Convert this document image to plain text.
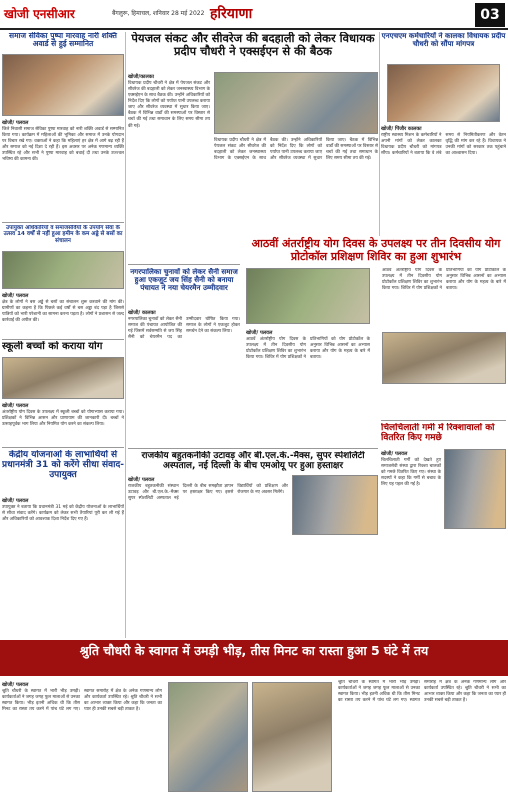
खोजी एनसीआर	बैंगलुरू, हिमाचल, शनिवार 28 मई 2022 हरियाणा	03
समाज सेविका पुष्पा मारवाह नारी शक्ति अवार्ड से हुई सम्मानित
खोजी/ पलवल
जिले निवासी समाज सेविका पुष्पा मारवाह को नारी शक्ति अवार्ड से सम्मानित किया गया। कार्यक्रम में महिलाओं की भूमिका और समाज में उनके योगदान पर विचार रखे गए। वक्ताओं ने कहा कि महिलाएं हर क्षेत्र में आगे बढ़ रही हैं और समाज को नई दिशा दे रही हैं। इस अवसर पर अनेक गणमान्य व्यक्ति उपस्थित रहे और सभी ने पुष्पा मारवाह को बधाई दी तथा उनके उज्ज्वल भविष्य की कामना की।
उपायुक्त अधिकारियों व समाजसेवियों के उपयोग सेवा के उत्सव 14 वर्षों से नहीं हुआ हमीम के कम अड्डे से बसों का संचालन
खोजी/ पलवल
क्षेत्र के लोगों ने बस अड्डे से बसों का संचालन शुरू करवाने की मांग की। ग्रामीणों का कहना है कि पिछले कई वर्षों से बस अड्डा बंद पड़ा है जिससे यात्रियों को भारी परेशानी का सामना करना पड़ता है। लोगों ने प्रशासन से जल्द कार्रवाई की अपील की।
स्कूली बच्चों को कराया योग
खोजी/ पलवल
अंतर्राष्ट्रीय योग दिवस के उपलक्ष्य में स्कूली बच्चों को योगाभ्यास कराया गया। प्रशिक्षकों ने विभिन्न आसन और प्राणायाम की जानकारी दी। बच्चों ने उत्साहपूर्वक भाग लिया और नियमित योग करने का संकल्प लिया।
केंद्रीय योजनाओं के लाभार्थियों से प्रधानमंत्री 31 को करेंगे सीधा संवाद-उपायुक्त
खोजी/ पलवल
उपायुक्त ने बताया कि प्रधानमंत्री 31 मई को केंद्रीय योजनाओं के लाभार्थियों से सीधा संवाद करेंगे। कार्यक्रम को लेकर सभी तैयारियां पूरी कर ली गई हैं और अधिकारियों को आवश्यक दिशा निर्देश दिए गए हैं।
पेयजल संकट और सीवरेज की बदहाली को लेकर विधायक प्रदीप चौधरी ने एक्सईएन से की बैठक
खोजी/कालका
विधायक प्रदीप चौधरी ने क्षेत्र में पेयजल संकट और सीवरेज की बदहाली को लेकर जनस्वास्थ्य विभाग के एक्सईएन के साथ बैठक की। उन्होंने अधिकारियों को निर्देश दिए कि लोगों को पर्याप्त पानी उपलब्ध कराया जाए और सीवरेज व्यवस्था में सुधार किया जाए। बैठक में विभिन्न वार्डों की समस्याओं पर विस्तार से चर्चा की गई तथा समाधान के लिए समय सीमा तय की गई।
विधायक प्रदीप चौधरी ने क्षेत्र में पेयजल संकट और सीवरेज की बदहाली को लेकर जनस्वास्थ्य विभाग के एक्सईएन के साथ बैठक की। उन्होंने अधिकारियों को निर्देश दिए कि लोगों को पर्याप्त पानी उपलब्ध कराया जाए और सीवरेज व्यवस्था में सुधार किया जाए। बैठक में विभिन्न वार्डों की समस्याओं पर विस्तार से चर्चा की गई तथा समाधान के लिए समय सीमा तय की गई।
नगरपालिका चुनावों को लेकर सैनी समाज हुआ एकजुट जय सिंह सैनी को बनाया पंचायत ने नया चेयरमैन उम्मीदवार
खोजी/ कालका
नगरपालिका चुनावों को लेकर सैनी समाज की पंचायत आयोजित की गई जिसमें सर्वसम्मति से जय सिंह सैनी को चेयरमैन पद का उम्मीदवार घोषित किया गया। समाज के लोगों ने एकजुट होकर समर्थन देने का संकल्प लिया।
राजकीय बहुतकनीकी उटावड़ और बी.एल.के.-मैक्स, सुपर स्पेशलिटी अस्पताल, नई दिल्ली के बीच एमओयू पर हुआ हस्ताक्षर
खोजी/ पलवल
राजकीय बहुतकनीकी संस्थान उटावड़ और बी.एल.के.-मैक्स सुपर स्पेशलिटी अस्पताल नई दिल्ली के बीच समझौता ज्ञापन पर हस्ताक्षर किए गए। इससे विद्यार्थियों को प्रशिक्षण और रोजगार के नए अवसर मिलेंगे।
आठवीं अंतर्राष्ट्रीय योग दिवस के उपलक्ष्य पर तीन दिवसीय योग प्रोटोकॉल प्रशिक्षण शिविर का हुआ शुभारंभ
खोजी/ पलवल
आठवें अंतर्राष्ट्रीय योग दिवस के उपलक्ष्य में तीन दिवसीय योग प्रोटोकॉल प्रशिक्षण शिविर का शुभारंभ किया गया। शिविर में योग प्रशिक्षकों ने प्रतिभागियों को योग प्रोटोकॉल के अनुसार विभिन्न आसनों का अभ्यास कराया और योग के महत्व के बारे में बताया।
आठवें अंतर्राष्ट्रीय योग दिवस के उपलक्ष्य में तीन दिवसीय योग प्रोटोकॉल प्रशिक्षण शिविर का शुभारंभ किया गया। शिविर में योग प्रशिक्षकों ने प्रतिभागियों को योग प्रोटोकॉल के अनुसार विभिन्न आसनों का अभ्यास कराया और योग के महत्व के बारे में बताया।
एनएचएम कर्मचारियों ने कालका विधायक प्रदीप चौधरी को सौंपा मांगपत्र
खोजी/ पिंजौर कालका
राष्ट्रीय स्वास्थ्य मिशन के कर्मचारियों ने अपनी मांगों को लेकर कालका विधायक प्रदीप चौधरी को मांगपत्र सौंपा। कर्मचारियों ने बताया कि वे लंबे समय से नियमितीकरण और वेतन वृद्धि की मांग कर रहे हैं। विधायक ने उनकी मांगों को सरकार तक पहुंचाने का आश्वासन दिया।
चिलचिलाती गर्मी में रिक्शावालों को वितरित किए गमछे
खोजी/ पलवल
चिलचिलाती गर्मी को देखते हुए समाजसेवी संस्था द्वारा रिक्शा चालकों को गमछे वितरित किए गए। संस्था के सदस्यों ने कहा कि गर्मी से बचाव के लिए यह पहल की गई है।
श्रुति चौधरी के स्वागत में उमड़ी भीड़, तीस मिनट का रास्ता हुआ 5 घंटे में तय
खोजी/ पलवल
श्रुति चौधरी के स्वागत में भारी भीड़ उमड़ी। कार्यकर्ताओं ने जगह जगह फूल मालाओं से उनका स्वागत किया। भीड़ इतनी अधिक थी कि तीस मिनट का रास्ता तय करने में पांच घंटे लग गए। स्वागत समारोह में क्षेत्र के अनेक गणमान्य लोग और कार्यकर्ता उपस्थित रहे। श्रुति चौधरी ने सभी का आभार व्यक्त किया और कहा कि जनता का प्यार ही उनकी सबसे बड़ी ताकत है।
श्रुति चौधरी के स्वागत में भारी भीड़ उमड़ी। कार्यकर्ताओं ने जगह जगह फूल मालाओं से उनका स्वागत किया। भीड़ इतनी अधिक थी कि तीस मिनट का रास्ता तय करने में पांच घंटे लग गए। स्वागत समारोह में क्षेत्र के अनेक गणमान्य लोग और कार्यकर्ता उपस्थित रहे। श्रुति चौधरी ने सभी का आभार व्यक्त किया और कहा कि जनता का प्यार ही उनकी सबसे बड़ी ताकत है।
